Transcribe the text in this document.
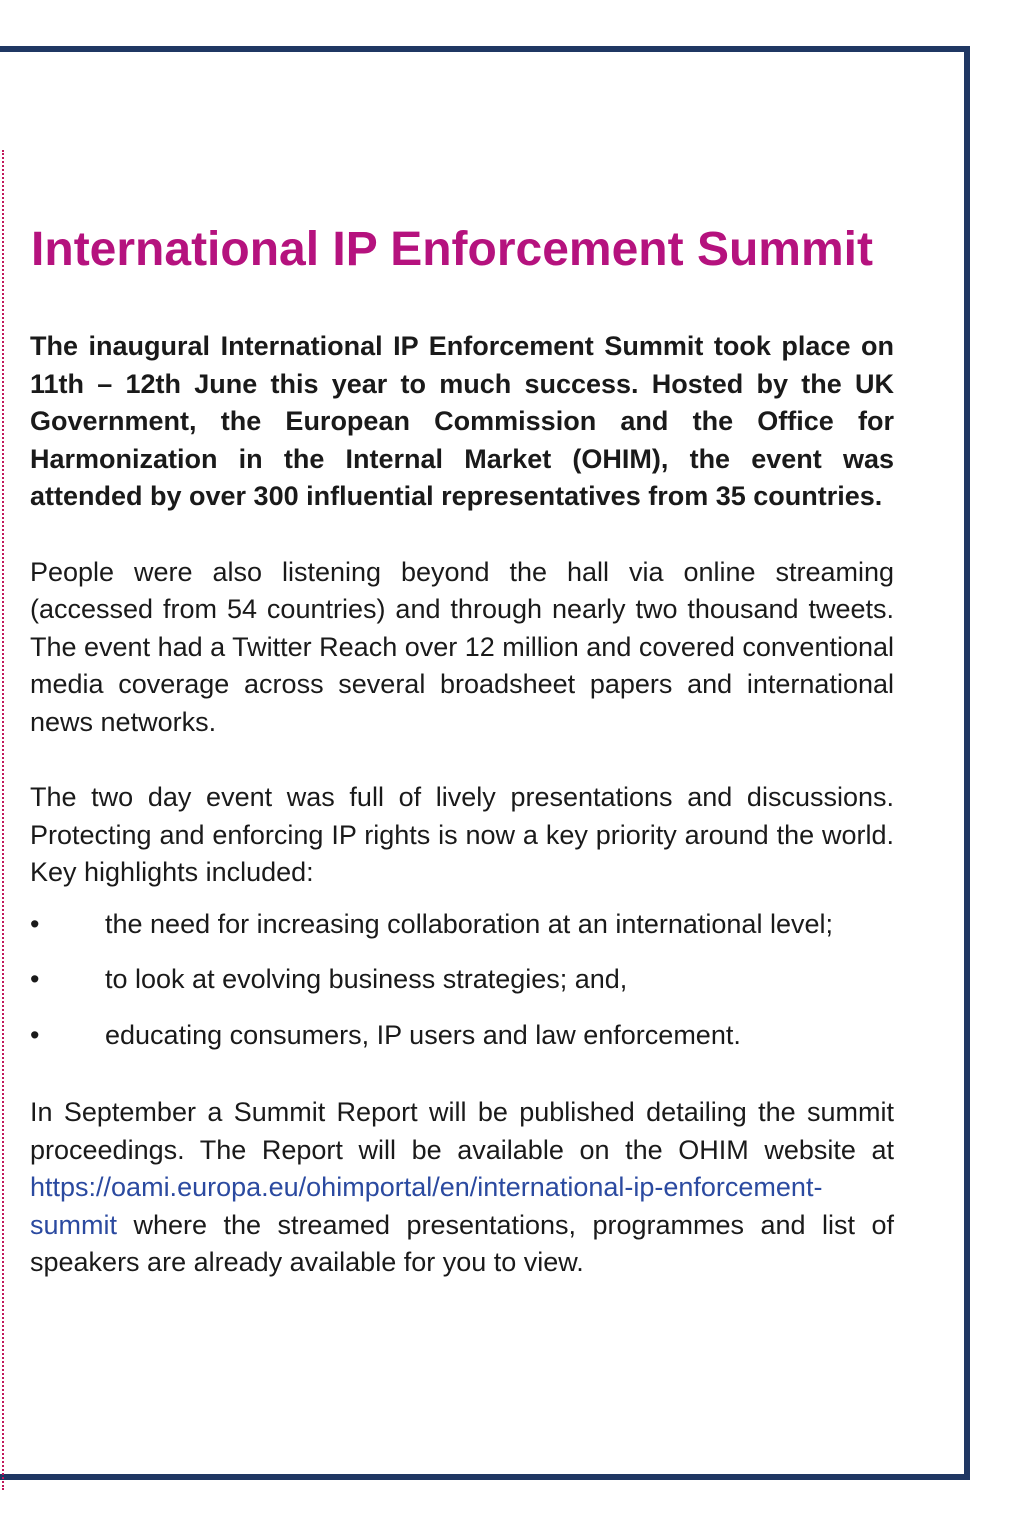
International IP Enforcement Summit

The inaugural International IP Enforcement Summit took place on 11th – 12th June this year to much success. Hosted by the UK Government, the European Commission and the Office for Harmonization in the Internal Market (OHIM), the event was attended by over 300 influential representatives from 35 countries.

People were also listening beyond the hall via online streaming (accessed from 54 countries) and through nearly two thousand tweets. The event had a Twitter Reach over 12 million and covered conventional media coverage across several broadsheet papers and international news networks.

The two day event was full of lively presentations and discussions. Protecting and enforcing IP rights is now a key priority around the world. Key highlights included:

•	the need for increasing collaboration at an international level;
•	to look at evolving business strategies; and,
•	educating consumers, IP users and law enforcement.

In September a Summit Report will be published detailing the summit proceedings. The Report will be available on the OHIM website at https://oami.europa.eu/ohimportal/en/international-ip-enforcement-summit where the streamed presentations, programmes and list of speakers are already available for you to view.
